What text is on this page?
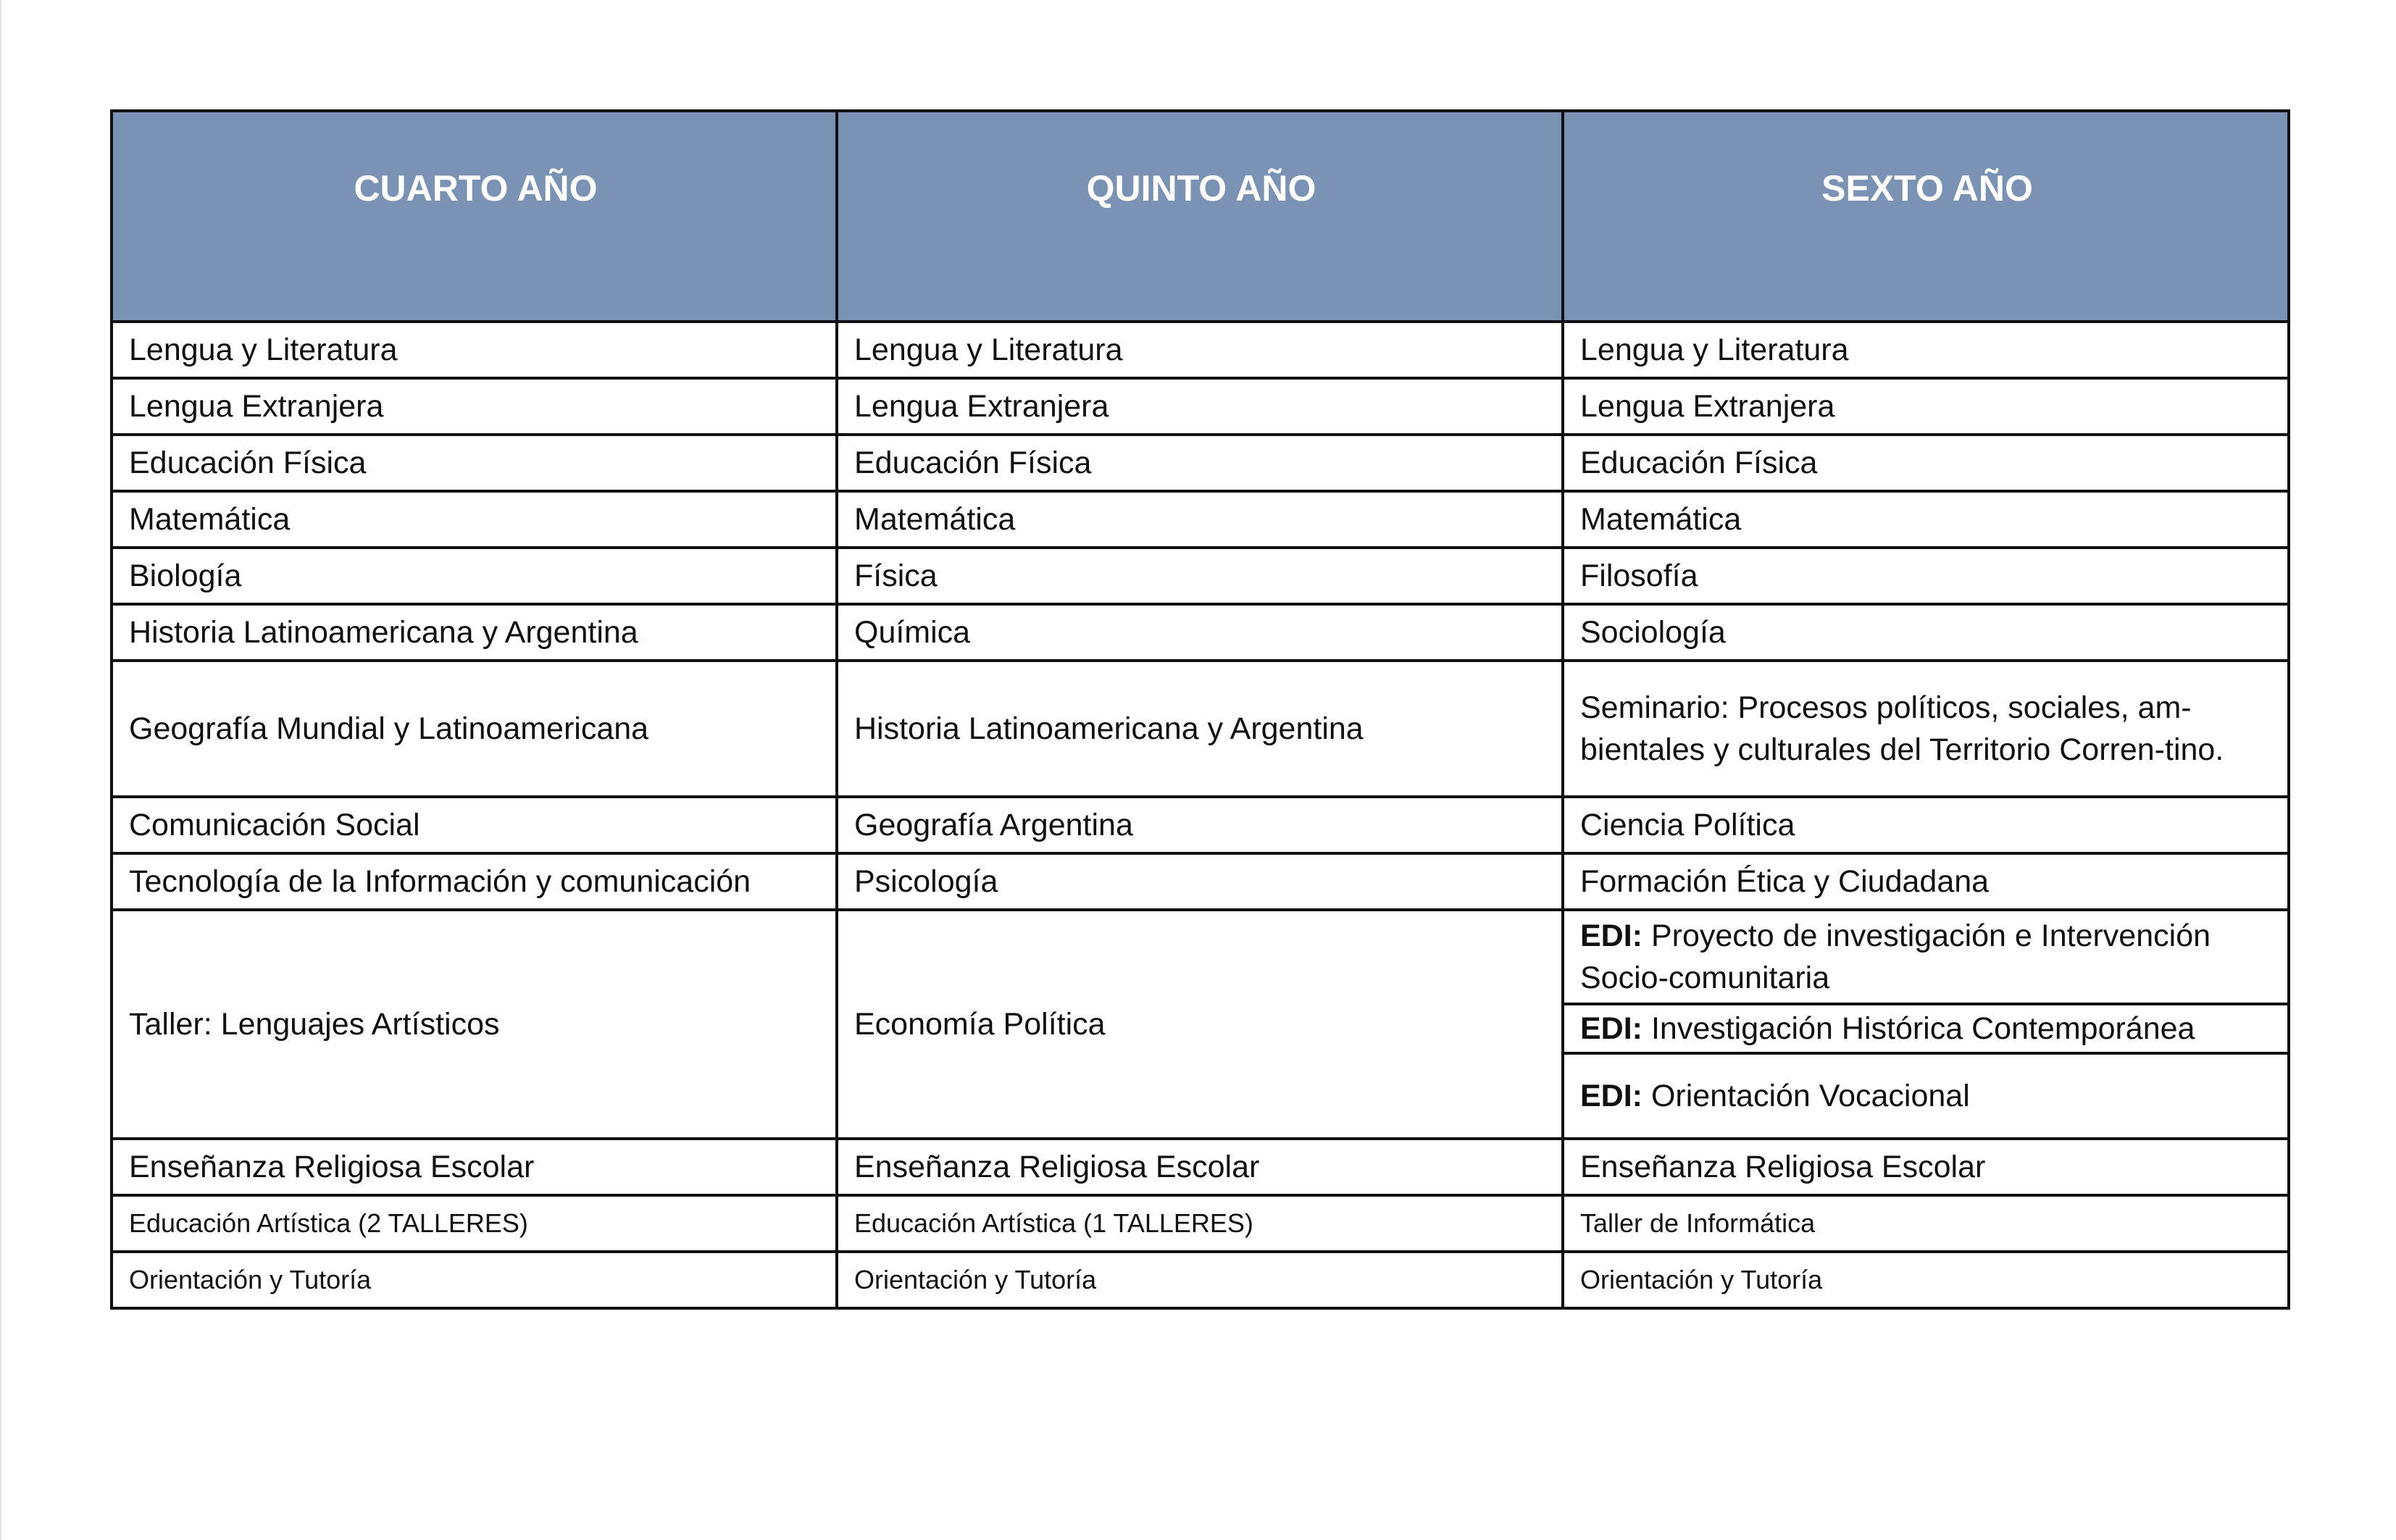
CUARTO AÑO	QUINTO AÑO	SEXTO AÑO
Lengua y Literatura	Lengua y Literatura	Lengua y Literatura
Lengua Extranjera	Lengua Extranjera	Lengua Extranjera
Educación Física	Educación Física	Educación Física
Matemática	Matemática	Matemática
Biología	Física	Filosofía
Historia Latinoamericana y Argentina	Química	Sociología
Geografía Mundial y Latinoamericana	Historia Latinoamericana y Argentina	Seminario: Procesos políticos, sociales, am-bientales y culturales del Territorio Corren-tino.
Comunicación Social	Geografía Argentina	Ciencia Política
Tecnología de la Información y comunicación	Psicología	Formación Ética y Ciudadana
Taller: Lenguajes Artísticos	Economía Política	EDI: Proyecto de investigación e Intervención Socio-comunitaria
		EDI: Investigación Histórica Contemporánea
		EDI: Orientación Vocacional
Enseñanza Religiosa Escolar	Enseñanza Religiosa Escolar	Enseñanza Religiosa Escolar
Educación Artística (2 TALLERES)	Educación Artística (1 TALLERES)	Taller de Informática
Orientación y Tutoría	Orientación y Tutoría	Orientación y Tutoría
